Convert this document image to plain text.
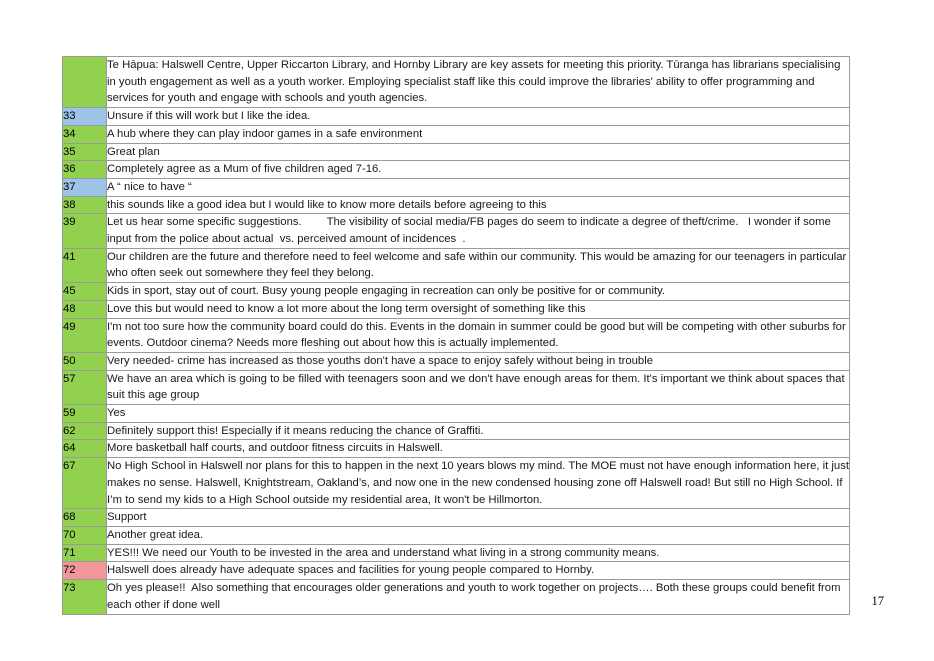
	Te Hāpua: Halswell Centre, Upper Riccarton Library, and Hornby Library are key assets for meeting this priority. Tūranga has librarians specialising in youth engagement as well as a youth worker. Employing specialist staff like this could improve the libraries' ability to offer programming and services for youth and engage with schools and youth agencies.
33	Unsure if this will work but I like the idea.
34	A hub where they can play indoor games in a safe environment
35	Great plan
36	Completely agree as a Mum of five children aged 7-16.
37	A “ nice to have “
38	this sounds like a good idea but I would like to know more details before agreeing to this
39	Let us hear some specific suggestions.        The visibility of social media/FB pages do seem to indicate a degree of theft/crime.   I wonder if some input from the police about actual  vs. perceived amount of incidences  .
41	Our children are the future and therefore need to feel welcome and safe within our community. This would be amazing for our teenagers in particular who often seek out somewhere they feel they belong.
45	Kids in sport, stay out of court. Busy young people engaging in recreation can only be positive for or community.
48	Love this but would need to know a lot more about the long term oversight of something like this
49	I'm not too sure how the community board could do this. Events in the domain in summer could be good but will be competing with other suburbs for events. Outdoor cinema? Needs more fleshing out about how this is actually implemented.
50	Very needed- crime has increased as those youths don't have a space to enjoy safely without being in trouble
57	We have an area which is going to be filled with teenagers soon and we don't have enough areas for them. It's important we think about spaces that suit this age group
59	Yes
62	Definitely support this! Especially if it means reducing the chance of Graffiti.
64	More basketball half courts, and outdoor fitness circuits in Halswell.
67	No High School in Halswell nor plans for this to happen in the next 10 years blows my mind. The MOE must not have enough information here, it just makes no sense. Halswell, Knightstream, Oakland’s, and now one in the new condensed housing zone off Halswell road! But still no High School. If I’m to send my kids to a High School outside my residential area, It won't be Hillmorton.
68	Support
70	Another great idea.
71	YES!!! We need our Youth to be invested in the area and understand what living in a strong community means.
72	Halswell does already have adequate spaces and facilities for young people compared to Hornby.
73	Oh yes please!!  Also something that encourages older generations and youth to work together on projects…. Both these groups could benefit from each other if done well	17
